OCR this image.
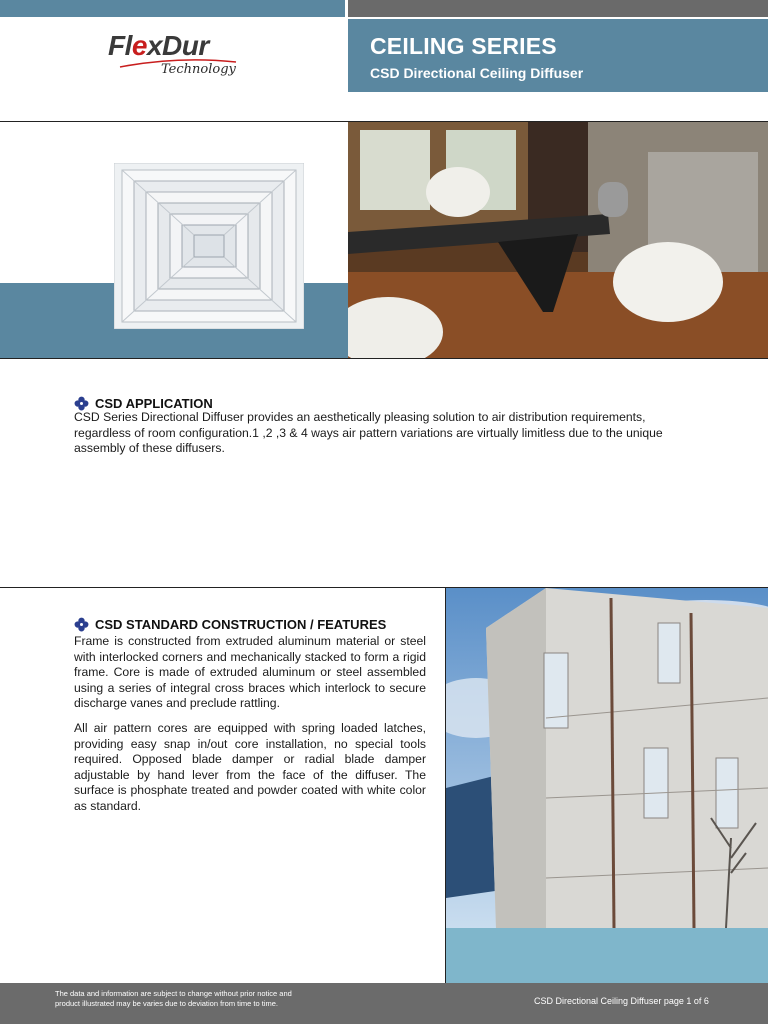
FlexDur
Technology
CEILING SERIES
CSD Directional Ceiling Diffuser
CSD APPLICATION
CSD Series Directional Diffuser provides an aesthetically pleasing solution to air distribution requirements,
regardless of room configuration.1 ,2 ,3 & 4 ways air pattern variations are virtually limitless due to the unique
assembly of these diffusers.
CSD STANDARD CONSTRUCTION / FEATURES
Frame is constructed from extruded aluminum material or steel with interlocked corners and mechanically stacked to form a rigid frame. Core is made of extruded aluminum or steel assembled using a series of integral cross braces which interlock to secure discharge vanes and preclude rattling.
All air pattern cores are equipped with spring loaded latches, providing easy snap in/out core installation, no special tools required. Opposed blade damper or radial blade damper adjustable by hand lever from the face of the diffuser. The surface is phosphate treated and powder coated with white color as standard.
The data and information are subject to change without prior notice and
product illustrated may be varies due to deviation from time to time.	CSD Directional Ceiling Diffuser page 1 of 6
